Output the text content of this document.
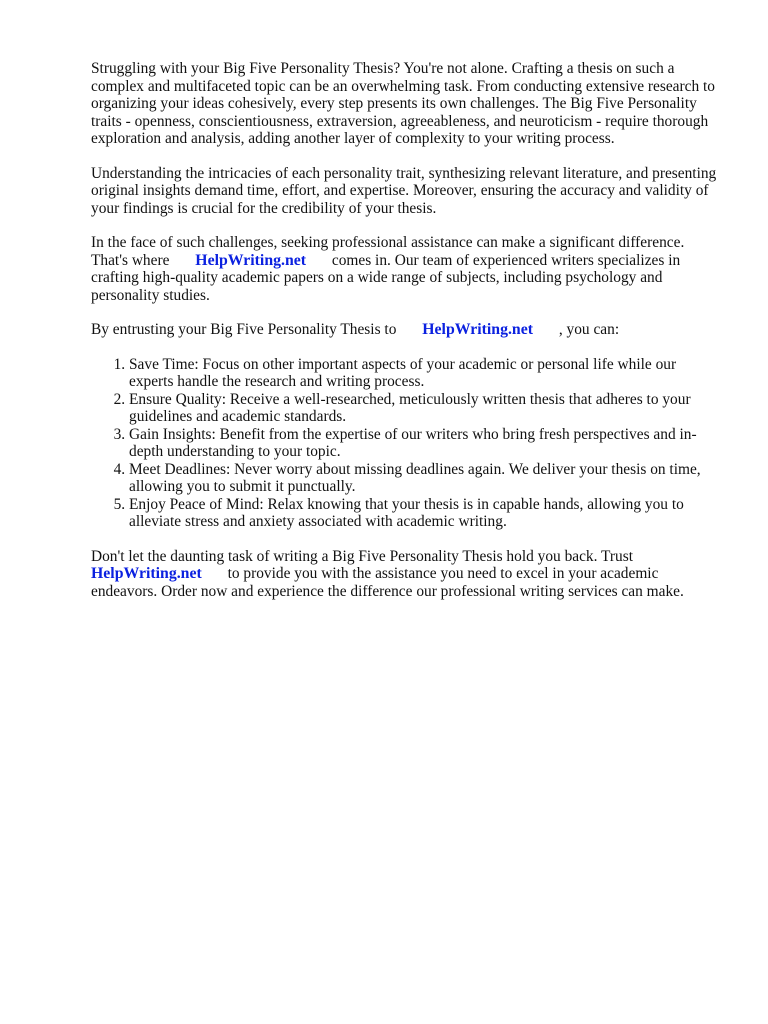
Struggling with your Big Five Personality Thesis? You're not alone. Crafting a thesis on such a complex and multifaceted topic can be an overwhelming task. From conducting extensive research to organizing your ideas cohesively, every step presents its own challenges. The Big Five Personality traits - openness, conscientiousness, extraversion, agreeableness, and neuroticism - require thorough exploration and analysis, adding another layer of complexity to your writing process.

Understanding the intricacies of each personality trait, synthesizing relevant literature, and presenting original insights demand time, effort, and expertise. Moreover, ensuring the accuracy and validity of your findings is crucial for the credibility of your thesis.

In the face of such challenges, seeking professional assistance can make a significant difference. That's where HelpWriting.net comes in. Our team of experienced writers specializes in crafting high-quality academic papers on a wide range of subjects, including psychology and personality studies.

By entrusting your Big Five Personality Thesis to HelpWriting.net , you can:

1. Save Time: Focus on other important aspects of your academic or personal life while our experts handle the research and writing process.
2. Ensure Quality: Receive a well-researched, meticulously written thesis that adheres to your guidelines and academic standards.
3. Gain Insights: Benefit from the expertise of our writers who bring fresh perspectives and in-depth understanding to your topic.
4. Meet Deadlines: Never worry about missing deadlines again. We deliver your thesis on time, allowing you to submit it punctually.
5. Enjoy Peace of Mind: Relax knowing that your thesis is in capable hands, allowing you to alleviate stress and anxiety associated with academic writing.

Don't let the daunting task of writing a Big Five Personality Thesis hold you back. Trust HelpWriting.net to provide you with the assistance you need to excel in your academic endeavors. Order now and experience the difference our professional writing services can make.
